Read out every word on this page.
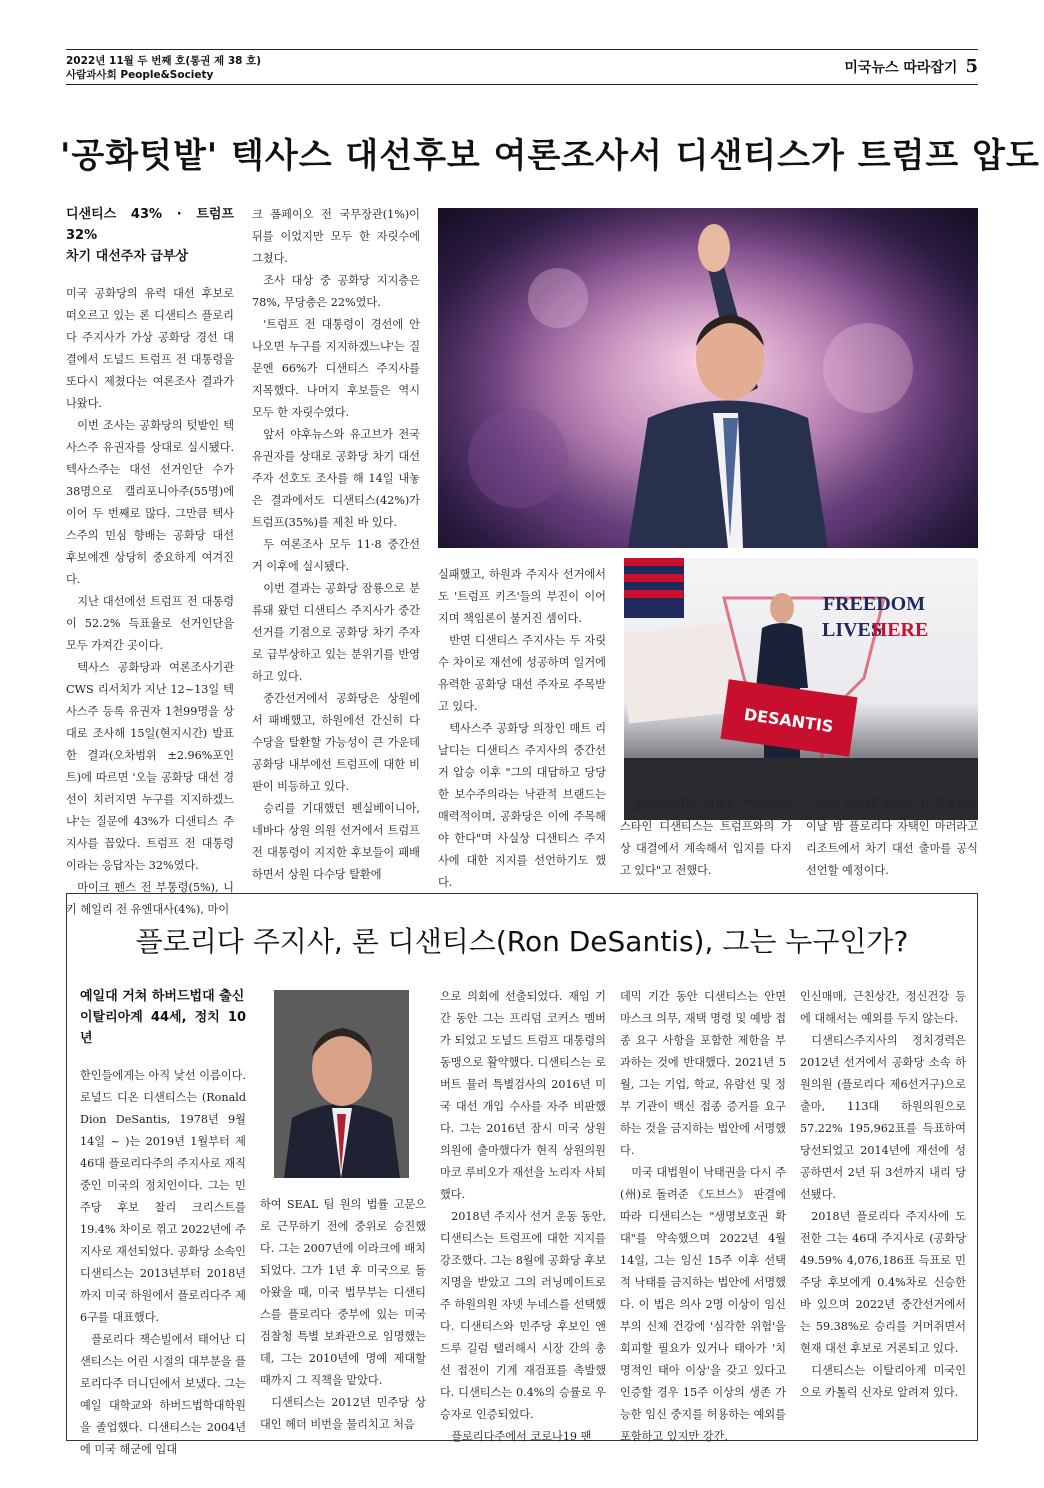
2022년 11월 두 번째 호(통권 제 38 호)
사람과사회 People&Society	미국뉴스 따라잡기 5
'공화텃밭' 텍사스 대선후보 여론조사서 디샌티스가 트럼프 압도
디샌티스 43% · 트럼프 32%
차기 대선주자 급부상

미국 공화당의 유력 대선 후보로 떠오르고 있는 론 디샌티스 플로리다 주지사가 가상 공화당 경선 대결에서 도널드 트럼프 전 대통령을 또다시 제쳤다는 여론조사 결과가 나왔다.

이번 조사는 공화당의 텃밭인 텍사스주 유권자를 상대로 실시됐다. 텍사스주는 대선 선거인단 수가 38명으로 캘리포니아주(55명)에 이어 두 번째로 많다. 그만큼 텍사스주의 민심 향배는 공화당 대선 후보에겐 상당히 중요하게 여겨진다.

지난 대선에선 트럼프 전 대통령이 52.2% 득표율로 선거인단을 모두 가져간 곳이다.

텍사스 공화당과 여론조사기관 CWS 리서치가 지난 12~13일 텍사스주 등록 유권자 1천99명을 상대로 조사해 15일(현지시간) 발표한 결과(오차범위 ±2.96%포인트)에 따르면 '오늘 공화당 대선 경선이 치러지면 누구를 지지하겠느냐'는 질문에 43%가 디샌티스 주지사를 꼽았다. 트럼프 전 대통령이라는 응답자는 32%였다.

마이크 펜스 전 부통령(5%), 니키 헤일리 전 유엔대사(4%), 마이

크 폼페이오 전 국무장관(1%)이 뒤를 이었지만 모두 한 자릿수에 그쳤다.

조사 대상 중 공화당 지지층은 78%, 무당층은 22%였다.

'트럼프 전 대통령이 경선에 안 나오면 누구를 지지하겠느냐'는 질문엔 66%가 디샌티스 주지사를 지목했다. 나머지 후보들은 역시 모두 한 자릿수였다.

앞서 야후뉴스와 유고브가 전국 유권자를 상대로 공화당 차기 대선주자 선호도 조사를 해 14일 내놓은 결과에서도 디샌티스(42%)가 트럼프(35%)를 제친 바 있다.

두 여론조사 모두 11·8 중간선거 이후에 실시됐다.

이번 결과는 공화당 잠룡으로 분류돼 왔던 디샌티스 주지사가 중간선거를 기점으로 공화당 차기 주자로 급부상하고 있는 분위기를 반영하고 있다.

중간선거에서 공화당은 상원에서 패배했고, 하원에선 간신히 다수당을 탈환할 가능성이 큰 가운데 공화당 내부에선 트럼프에 대한 비판이 비등하고 있다.

승리를 기대했던 펜실베이니아, 네바다 상원 의원 선거에서 트럼프 전 대통령이 지지한 후보들이 패배하면서 상원 다수당 탈환에

실패했고, 하원과 주지사 선거에서도 '트럼프 키즈'들의 부진이 이어지며 책임론이 불거진 셈이다.

반면 디샌티스 주지사는 두 자릿수 차이로 재선에 성공하며 일거에 유력한 공화당 대선 주자로 주목받고 있다.

텍사스주 공화당 의장인 매트 리날디는 디샌티스 주지사의 중간선거 압승 이후 "그의 대답하고 당당한 보수주의라는 낙관적 브랜드는 매력적이며, 공화당은 이에 주목해야 한다"며 사실상 디샌티스 주지사에 대한 지지를 선언하기도 했다.

FREEDOM
LIVES
HERE
DESANTIS

정치전문매체 더힐은 "떠오르는 스타인 디샌티스는 트럼프와의 가상 대결에서 계속해서 입지를 다지고 있다"고 전했다.

이런 가운데 트럼프 전 대통령은 이날 밤 플로리다 자택인 마러라고 리조트에서 차기 대선 출마를 공식 선언할 예정이다.

플로리다 주지사, 론 디샌티스(Ron DeSantis), 그는 누구인가?
예일대 거쳐 하버드법대 출신
이탈리아계 44세, 정치 10년

한인들에게는 아직 낯선 이름이다. 로널드 디온 디샌티스는 (Ronald Dion DeSantis, 1978년 9월 14일 ~ )는 2019년 1월부터 제46대 플로리다주의 주지사로 재직 중인 미국의 정치인이다. 그는 민주당 후보 찰리 크리스트를 19.4% 차이로 꺾고 2022년에 주지사로 재선되었다. 공화당 소속인 디샌티스는 2013년부터 2018년까지 미국 하원에서 플로리다주 제6구를 대표했다.

플로리다 잭슨빌에서 태어난 디샌티스는 어린 시절의 대부분을 플로리다주 더니딘에서 보냈다. 그는 예일 대학교와 하버드법학대학원을 졸업했다. 디샌티스는 2004년에 미국 해군에 입대

하여 SEAL 팀 원의 법률 고문으로 근무하기 전에 중위로 승진했다. 그는 2007년에 이라크에 배치되었다. 그가 1년 후 미국으로 돌아왔을 때, 미국 법무부는 디샌티스를 플로리다 중부에 있는 미국 검찰청 특별 보좌관으로 임명했는데, 그는 2010년에 명예 제대할 때까지 그 직책을 맡았다.

디샌티스는 2012년 민주당 상대인 헤더 비번을 물리치고 처음

으로 의회에 선출되었다. 재임 기간 동안 그는 프리덤 코커스 멤버가 되었고 도널드 트럼프 대통령의 동맹으로 활약했다. 디샌티스는 로버트 뮬러 특별검사의 2016년 미국 대선 개입 수사를 자주 비판했다. 그는 2016년 잠시 미국 상원 의원에 출마했다가 현직 상원의원 마코 루비오가 재선을 노리자 사퇴했다.

2018년 주지사 선거 운동 동안, 디샌티스는 트럼프에 대한 지지를 강조했다. 그는 8월에 공화당 후보 지명을 받았고 그의 러닝메이트로 주 하원의원 자넷 누네스를 선택했다. 디샌티스와 민주당 후보인 앤드루 길럼 탤러해시 시장 간의 총선 접전이 기계 재검표를 촉발했다. 디샌티스는 0.4%의 승률로 우승자로 인증되었다.

플로리다주에서 코로나19 팬

데믹 기간 동안 디샌티스는 안면 마스크 의무, 재택 명령 및 예방 접종 요구 사항을 포함한 제한을 부과하는 것에 반대했다. 2021년 5월, 그는 기업, 학교, 유람선 및 정부 기관이 백신 접종 증거를 요구하는 것을 금지하는 법안에 서명했다.

미국 대법원이 낙태권을 다시 주(州)로 돌려준 《도브스》 판결에 따라 디샌티스는 "생명보호권 확대"를 약속했으며 2022년 4월 14일, 그는 임신 15주 이후 선택적 낙태를 금지하는 법안에 서명했다. 이 법은 의사 2명 이상이 임신부의 신체 건강에 '심각한 위험'을 회피할 필요가 있거나 태아가 '치명적인 태아 이상'을 갖고 있다고 인증할 경우 15주 이상의 생존 가능한 임신 중지를 허용하는 예외를 포함하고 있지만 강간,

인신매매, 근친상간, 정신건강 등에 대해서는 예외를 두지 않는다.

디샌티스주지사의 정치경력은 2012년 선거에서 공화당 소속 하원의원 (플로리다 제6선거구)으로 출마, 113대 하원의원으로 57.22% 195,962표를 득표하여 당선되었고 2014년에 재선에 성공하면서 2년 뒤 3선까지 내리 당선됐다.

2018년 플로리다 주지사에 도전한 그는 46대 주지사로 (공화당 49.59% 4,076,186표 득표로 민주당 후보에게 0.4%차로 신승한 바 있으며 2022년 중간선거에서는 59.38%로 승리를 거머쥐면서 현재 대선 후보로 거론되고 있다.

디샌티스는 이탈리아계 미국인으로 카톨릭 신자로 알려져 있다.
